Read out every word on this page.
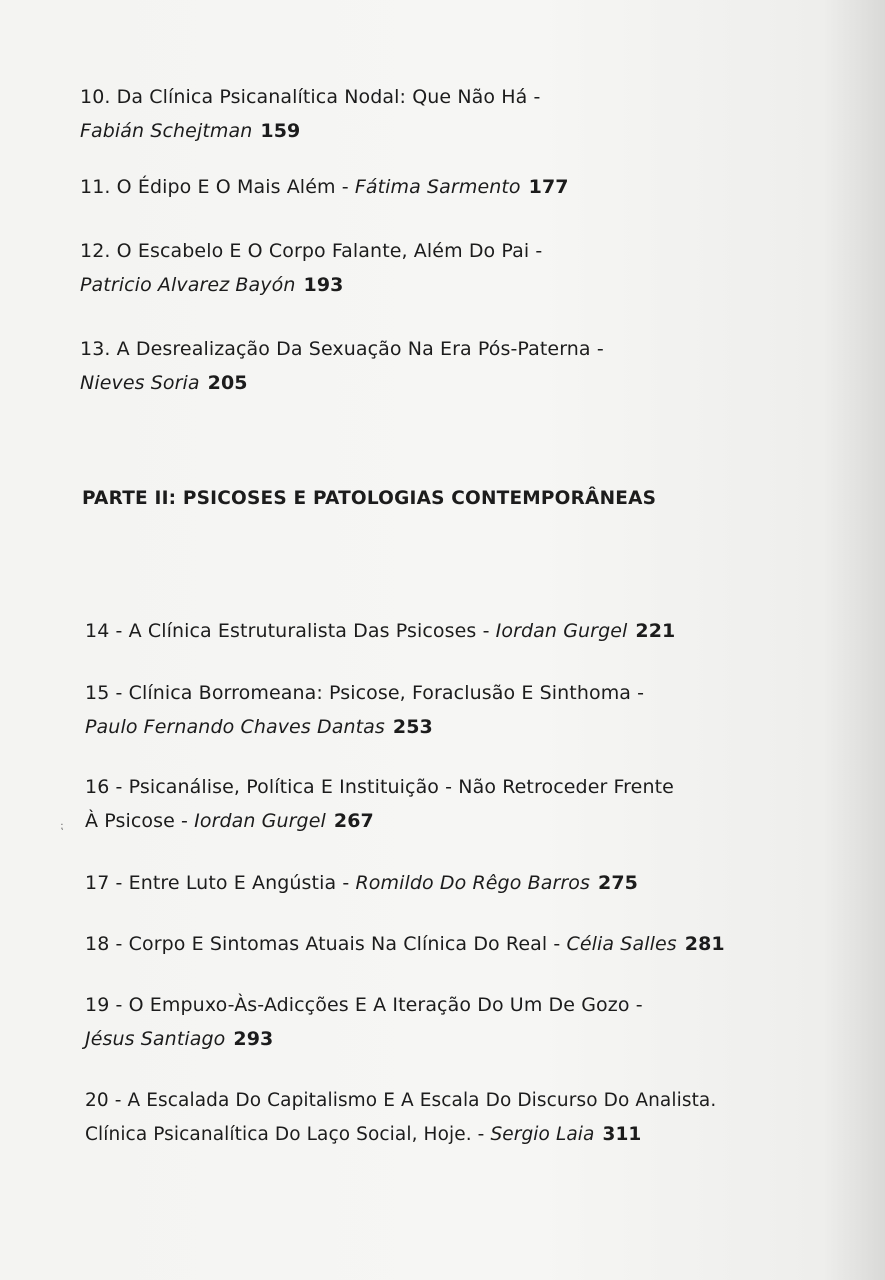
10. Da Clínica Psicanalítica Nodal: Que Não Há -
Fabián Schejtman 159
11. O Édipo E O Mais Além - Fátima Sarmento 177
12. O Escabelo E O Corpo Falante, Além Do Pai -
Patricio Alvarez Bayón 193
13. A Desrealização Da Sexuação Na Era Pós-Paterna -
Nieves Soria 205
PARTE II: PSICOSES E PATOLOGIAS CONTEMPORÂNEAS
14 - A Clínica Estruturalista Das Psicoses - Iordan Gurgel 221
15 - Clínica Borromeana: Psicose, Foraclusão E Sinthoma -
Paulo Fernando Chaves Dantas 253
16 - Psicanálise, Política E Instituição - Não Retroceder Frente
À Psicose - Iordan Gurgel 267
⁏
17 - Entre Luto E Angústia - Romildo Do Rêgo Barros 275
18 - Corpo E Sintomas Atuais Na Clínica Do Real - Célia Salles 281
19 - O Empuxo-Às-Adicções E A Iteração Do Um De Gozo -
Jésus Santiago 293
20 - A Escalada Do Capitalismo E A Escala Do Discurso Do Analista.
Clínica Psicanalítica Do Laço Social, Hoje. - Sergio Laia 311
